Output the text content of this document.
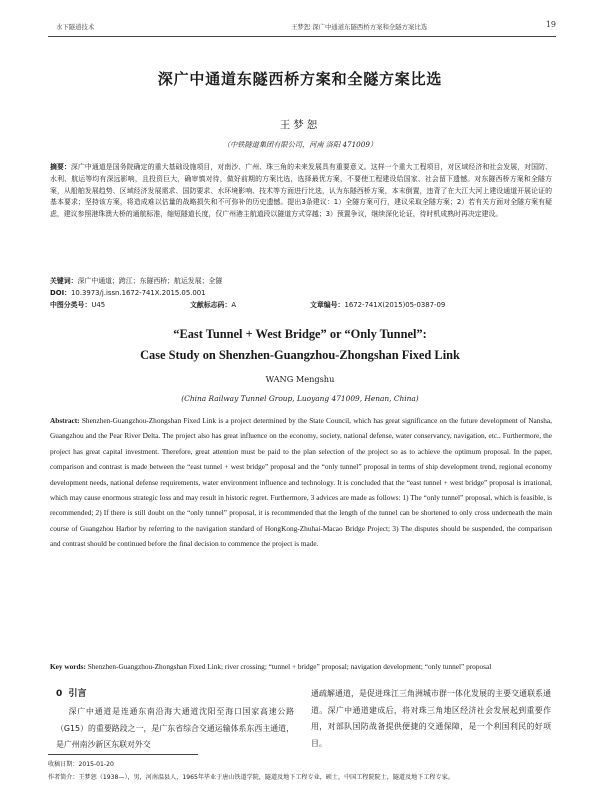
水下隧道技术	王梦恕 深广中通道东隧西桥方案和全隧方案比选	19
深广中通道东隧西桥方案和全隧方案比选
王梦恕
（中铁隧道集团有限公司，河南 洛阳 471009）
摘要：深广中通道是国务院确定的重大基础设施项目，对南沙、广州、珠三角的未来发展具有重要意义。这样一个重大工程项目，对区域经济和社会发展，对国防、水利、航运等均有深远影响，且投资巨大，确审慎对待，做好前期的方案比选，选择最优方案，不要使工程建设给国家、社会留下遗憾。对东隧西桥方案和全隧方案，从船舶发展趋势、区域经济发展需求、国防要求、水环境影响、技术等方面进行比选，认为东隧西桥方案，本末倒置，违背了在大江大河上建设通道开展论证的基本要求；坚持该方案，将造成难以估量的战略损失和不可弥补的历史遗憾。提出3条建议：1）全隧方案可行，建议采取全隧方案；2）若有关方面对全隧方案有疑虑，建议参照港珠澳大桥的通航标准，缩短隧道长度，仅广州港主航道段以隧道方式穿越；3）预置争议，继续深化论证，待时机成熟时再决定建设。
关键词：深广中通道；跨江；东隧西桥；航运发展；全隧
DOI：10.3973/j.issn.1672-741X.2015.05.001
中图分类号：U45	文献标志码：A	文章编号：1672-741X(2015)05-0387-09
“East Tunnel + West Bridge” or “Only Tunnel”:
Case Study on Shenzhen-Guangzhou-Zhongshan Fixed Link
WANG Mengshu
(China Railway Tunnel Group, Luoyang 471009, Henan, China)
Abstract: Shenzhen-Guangzhou-Zhongshan Fixed Link is a project determined by the State Council, which has great significance on the future development of Nansha, Guangzhou and the Pear River Delta. The project also has great influence on the economy, society, national defense, water conservancy, navigation, etc.. Furthermore, the project has great capital investment. Therefore, great attention must be paid to the plan selection of the project so as to achieve the optimum proposal. In the paper, comparison and contrast is made between the “east tunnel + west bridge” proposal and the “only tunnel” proposal in terms of ship development trend, regional economy development needs, national defense requirements, water environment influence and technology. It is concluded that the “east tunnel + west bridge” proposal is irrational, which may cause enormous strategic loss and may result in historic regret. Furthermore, 3 advices are made as follows: 1) The “only tunnel” proposal, which is feasible, is recommended; 2) If there is still doubt on the “only tunnel” proposal, it is recommended that the length of the tunnel can be shortened to only cross underneath the main course of Guangzhou Harbor by referring to the navigation standard of HongKong-Zhuhai-Macao Bridge Project; 3) The disputes should be suspended, the comparison and contrast should be continued before the final decision to commence the project is made.
Key words: Shenzhen-Guangzhou-Zhongshan Fixed Link; river crossing; “tunnel + bridge” proposal; navigation development; “only tunnel” proposal
0 引言
深广中通道是连通东南沿海大通道沈阳至海口国家高速公路（G15）的重要路段之一，是广东省综合交通运输体系东西主通道，是广州南沙新区东联对外交
通疏解通道，是促进珠江三角洲城市群一体化发展的主要交通联系通道。深广中通道建成后，将对珠三角地区经济社会发展起到重要作用，对部队国防战备提供便捷的交通保障，是一个利国利民的好项目。
收稿日期：2015-01-20
作者简介：王梦恕（1938—），男，河南温县人，1965年毕业于唐山铁道学院，隧道及地下工程专业，硕士，中国工程院院士，隧道及地下工程专家。
